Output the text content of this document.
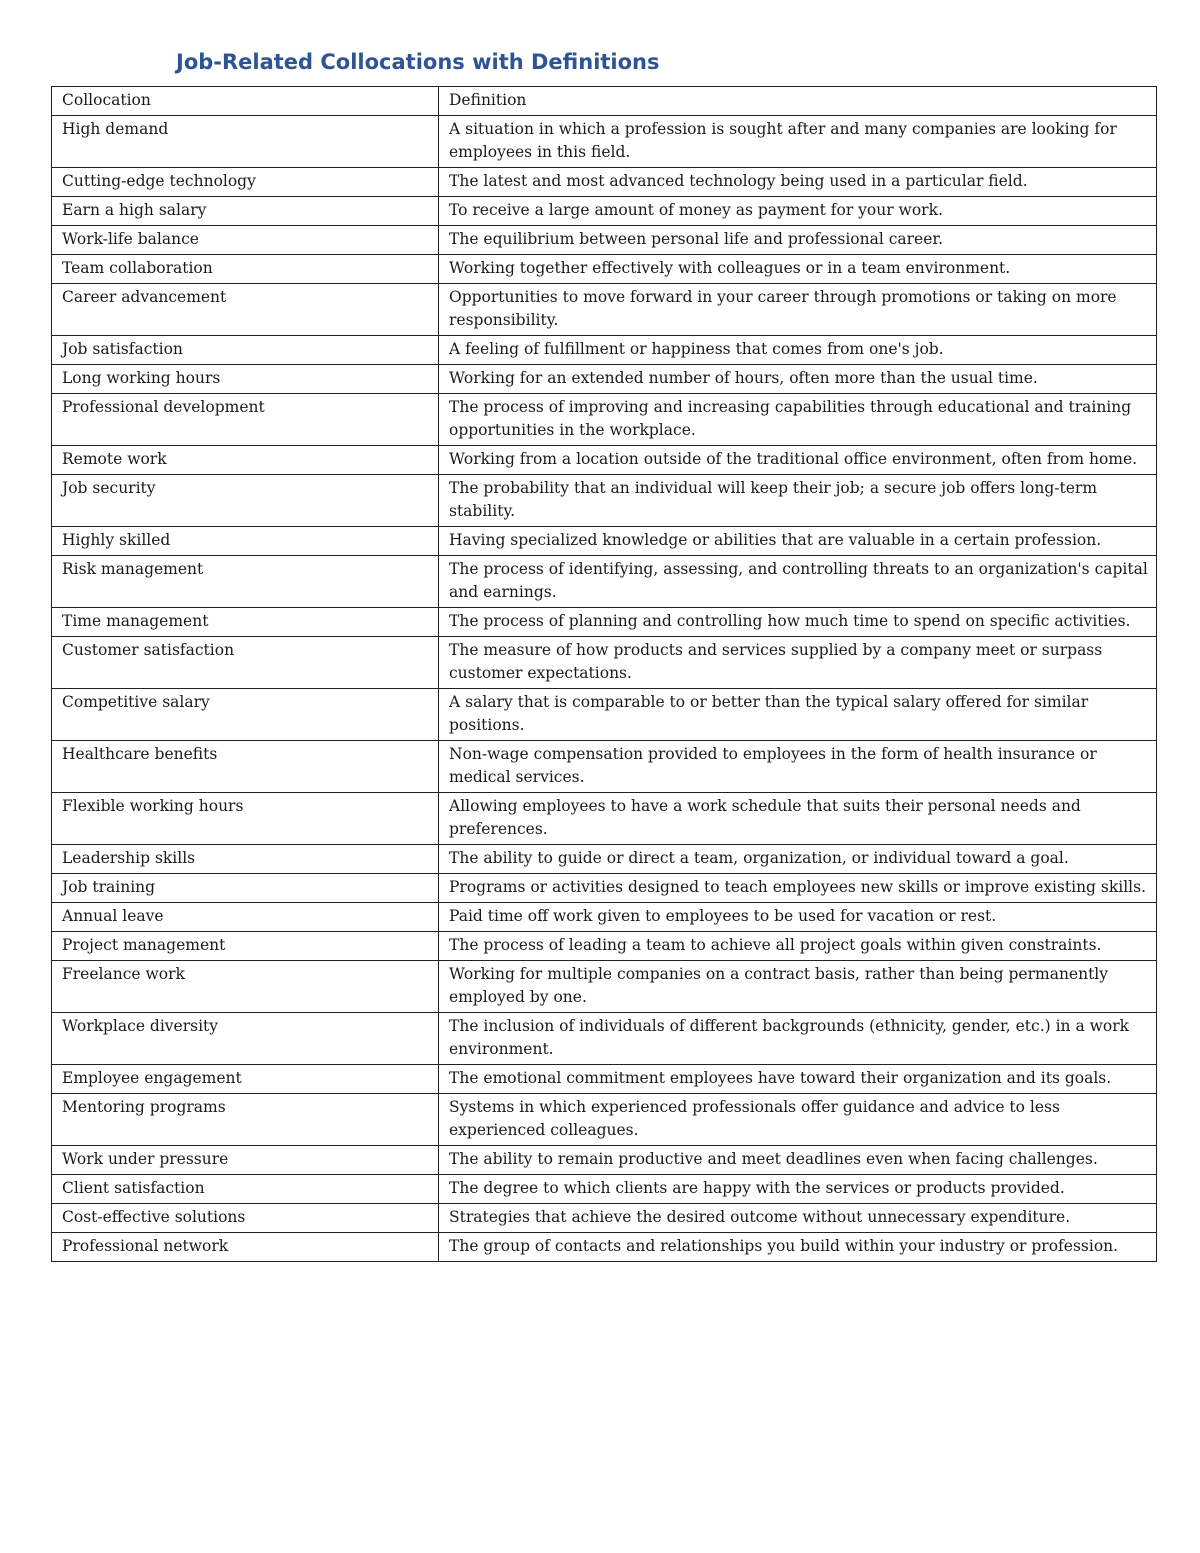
Job-Related Collocations with Definitions
Collocation	Definition
High demand	A situation in which a profession is sought after and many companies are looking for employees in this field.
Cutting-edge technology	The latest and most advanced technology being used in a particular field.
Earn a high salary	To receive a large amount of money as payment for your work.
Work-life balance	The equilibrium between personal life and professional career.
Team collaboration	Working together effectively with colleagues or in a team environment.
Career advancement	Opportunities to move forward in your career through promotions or taking on more responsibility.
Job satisfaction	A feeling of fulfillment or happiness that comes from one's job.
Long working hours	Working for an extended number of hours, often more than the usual time.
Professional development	The process of improving and increasing capabilities through educational and training opportunities in the workplace.
Remote work	Working from a location outside of the traditional office environment, often from home.
Job security	The probability that an individual will keep their job; a secure job offers long-term stability.
Highly skilled	Having specialized knowledge or abilities that are valuable in a certain profession.
Risk management	The process of identifying, assessing, and controlling threats to an organization's capital and earnings.
Time management	The process of planning and controlling how much time to spend on specific activities.
Customer satisfaction	The measure of how products and services supplied by a company meet or surpass customer expectations.
Competitive salary	A salary that is comparable to or better than the typical salary offered for similar positions.
Healthcare benefits	Non-wage compensation provided to employees in the form of health insurance or medical services.
Flexible working hours	Allowing employees to have a work schedule that suits their personal needs and preferences.
Leadership skills	The ability to guide or direct a team, organization, or individual toward a goal.
Job training	Programs or activities designed to teach employees new skills or improve existing skills.
Annual leave	Paid time off work given to employees to be used for vacation or rest.
Project management	The process of leading a team to achieve all project goals within given constraints.
Freelance work	Working for multiple companies on a contract basis, rather than being permanently employed by one.
Workplace diversity	The inclusion of individuals of different backgrounds (ethnicity, gender, etc.) in a work environment.
Employee engagement	The emotional commitment employees have toward their organization and its goals.
Mentoring programs	Systems in which experienced professionals offer guidance and advice to less experienced colleagues.
Work under pressure	The ability to remain productive and meet deadlines even when facing challenges.
Client satisfaction	The degree to which clients are happy with the services or products provided.
Cost-effective solutions	Strategies that achieve the desired outcome without unnecessary expenditure.
Professional network	The group of contacts and relationships you build within your industry or profession.
